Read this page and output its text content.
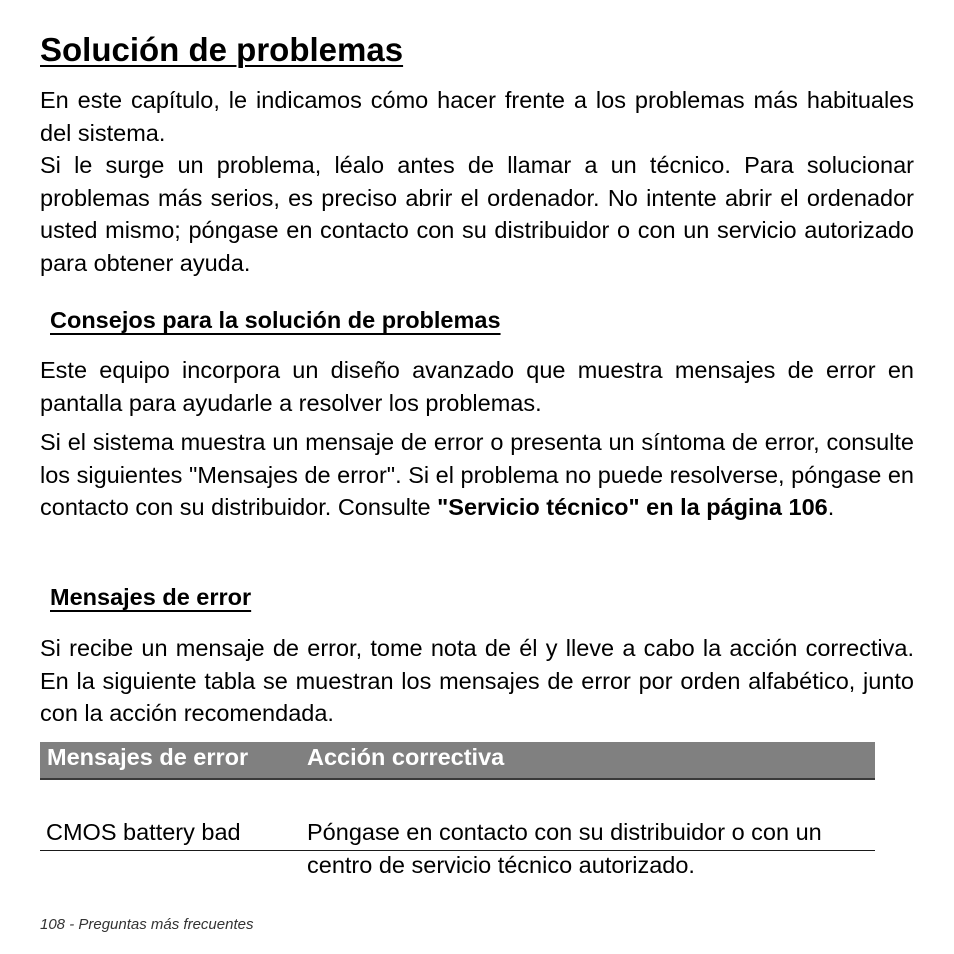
Solución de problemas

En este capítulo, le indicamos cómo hacer frente a los problemas más habituales del sistema.

Si le surge un problema, léalo antes de llamar a un técnico. Para solucionar problemas más serios, es preciso abrir el ordenador. No intente abrir el ordenador usted mismo; póngase en contacto con su distribuidor o con un servicio autorizado para obtener ayuda.

Consejos para la solución de problemas

Este equipo incorpora un diseño avanzado que muestra mensajes de error en pantalla para ayudarle a resolver los problemas.

Si el sistema muestra un mensaje de error o presenta un síntoma de error, consulte los siguientes "Mensajes de error". Si el problema no puede resolverse, póngase en contacto con su distribuidor. Consulte "Servicio técnico" en la página 106.

Mensajes de error

Si recibe un mensaje de error, tome nota de él y lleve a cabo la acción correctiva. En la siguiente tabla se muestran los mensajes de error por orden alfabético, junto con la acción recomendada.

Mensajes de error	Acción correctiva
CMOS battery bad	Póngase en contacto con su distribuidor o con un centro de servicio técnico autorizado.
108 - Preguntas más frecuentes
